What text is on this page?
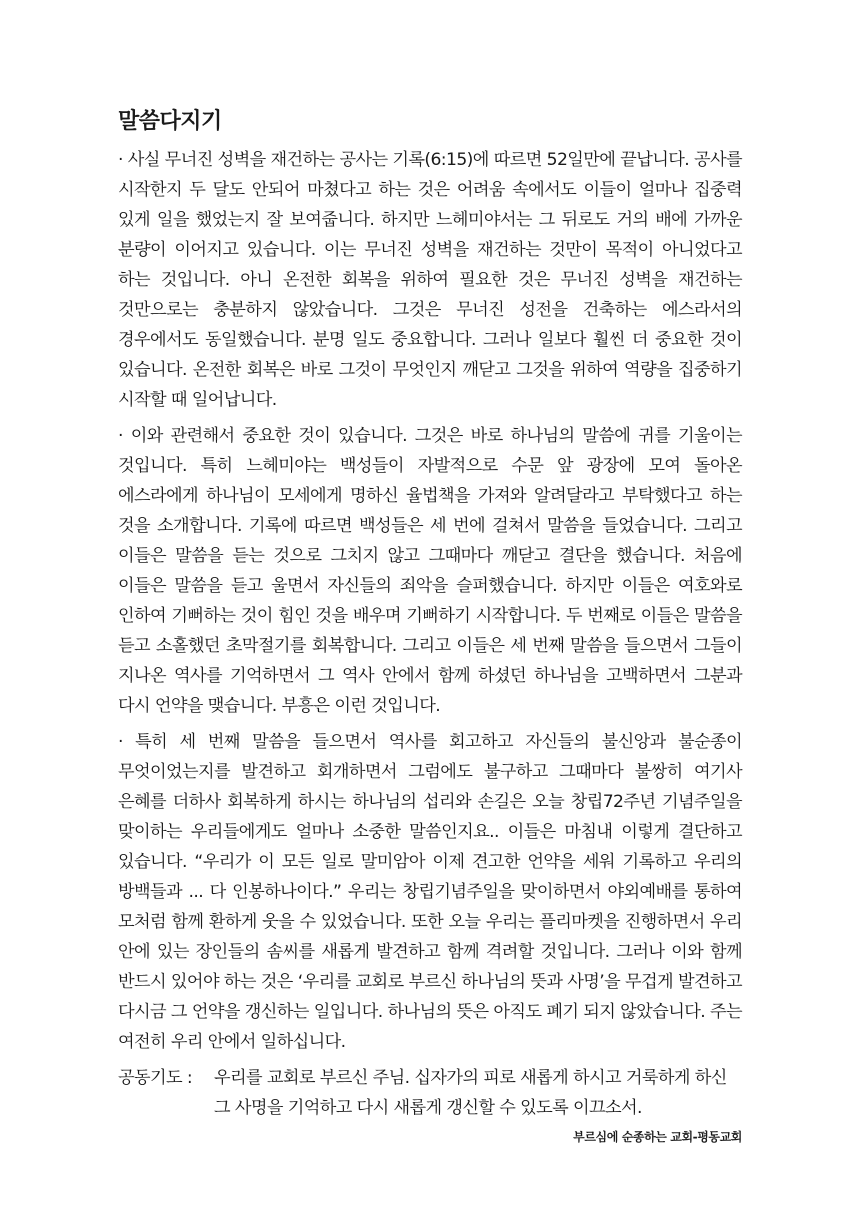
말씀다지기

· 사실 무너진 성벽을 재건하는 공사는 기록(6:15)에 따르면 52일만에 끝납니다. 공사를 시작한지 두 달도 안되어 마쳤다고 하는 것은 어려움 속에서도 이들이 얼마나 집중력 있게 일을 했었는지 잘 보여줍니다. 하지만 느헤미야서는 그 뒤로도 거의 배에 가까운 분량이 이어지고 있습니다. 이는 무너진 성벽을 재건하는 것만이 목적이 아니었다고 하는 것입니다. 아니 온전한 회복을 위하여 필요한 것은 무너진 성벽을 재건하는 것만으로는 충분하지 않았습니다. 그것은 무너진 성전을 건축하는 에스라서의 경우에서도 동일했습니다. 분명 일도 중요합니다. 그러나 일보다 훨씬 더 중요한 것이 있습니다. 온전한 회복은 바로 그것이 무엇인지 깨닫고 그것을 위하여 역량을 집중하기 시작할 때 일어납니다.

· 이와 관련해서 중요한 것이 있습니다. 그것은 바로 하나님의 말씀에 귀를 기울이는 것입니다. 특히 느헤미야는 백성들이 자발적으로 수문 앞 광장에 모여 돌아온 에스라에게 하나님이 모세에게 명하신 율법책을 가져와 알려달라고 부탁했다고 하는 것을 소개합니다. 기록에 따르면 백성들은 세 번에 걸쳐서 말씀을 들었습니다. 그리고 이들은 말씀을 듣는 것으로 그치지 않고 그때마다 깨닫고 결단을 했습니다. 처음에 이들은 말씀을 듣고 울면서 자신들의 죄악을 슬퍼했습니다. 하지만 이들은 여호와로 인하여 기뻐하는 것이 힘인 것을 배우며 기뻐하기 시작합니다. 두 번째로 이들은 말씀을 듣고 소홀했던 초막절기를 회복합니다. 그리고 이들은 세 번째 말씀을 들으면서 그들이 지나온 역사를 기억하면서 그 역사 안에서 함께 하셨던 하나님을 고백하면서 그분과 다시 언약을 맺습니다. 부흥은 이런 것입니다.

· 특히 세 번째 말씀을 들으면서 역사를 회고하고 자신들의 불신앙과 불순종이 무엇이었는지를 발견하고 회개하면서 그럼에도 불구하고 그때마다 불쌍히 여기사 은혜를 더하사 회복하게 하시는 하나님의 섭리와 손길은 오늘 창립72주년 기념주일을 맞이하는 우리들에게도 얼마나 소중한 말씀인지요.. 이들은 마침내 이렇게 결단하고 있습니다. “우리가 이 모든 일로 말미암아 이제 견고한 언약을 세워 기록하고 우리의 방백들과 ... 다 인봉하나이다.” 우리는 창립기념주일을 맞이하면서 야외예배를 통하여 모처럼 함께 환하게 웃을 수 있었습니다. 또한 오늘 우리는 플리마켓을 진행하면서 우리 안에 있는 장인들의 솜씨를 새롭게 발견하고 함께 격려할 것입니다. 그러나 이와 함께 반드시 있어야 하는 것은 ‘우리를 교회로 부르신 하나님의 뜻과 사명’을 무겁게 발견하고 다시금 그 언약을 갱신하는 일입니다. 하나님의 뜻은 아직도 폐기 되지 않았습니다. 주는 여전히 우리 안에서 일하십니다.

공동기도 : 우리를 교회로 부르신 주님. 십자가의 피로 새롭게 하시고 거룩하게 하신 그 사명을 기억하고 다시 새롭게 갱신할 수 있도록 이끄소서.
부르심에 순종하는 교회-평동교회
